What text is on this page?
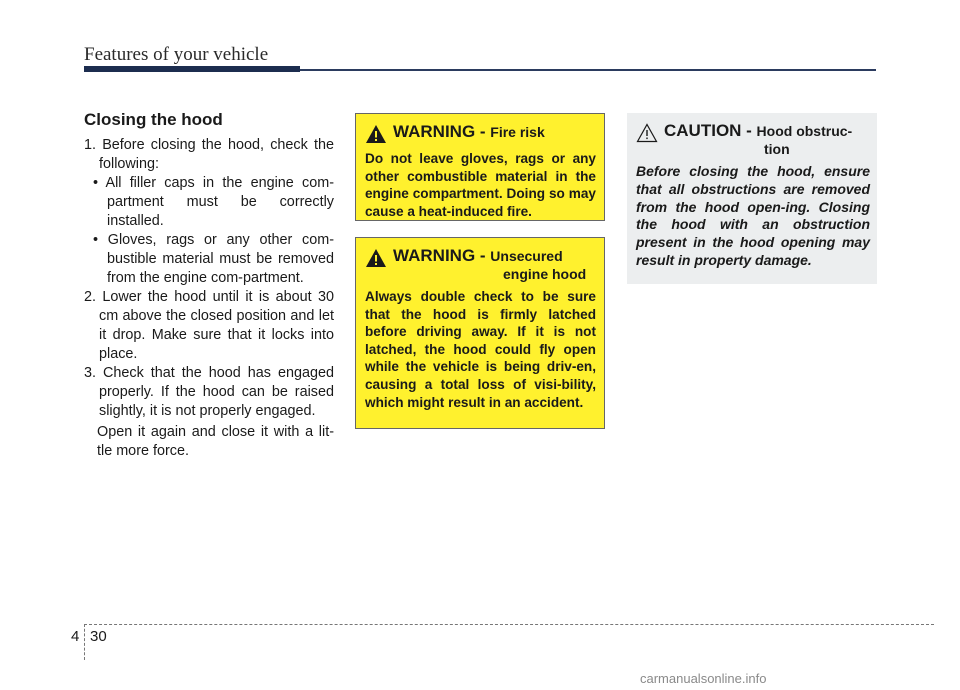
Features of your vehicle
Closing the hood

1. Before closing the hood, check the following:

• All filler caps in the engine com-partment must be correctly installed.

• Gloves, rags or any other com-bustible material must be removed from the engine com-partment.

2. Lower the hood until it is about 30 cm above the closed position and let it drop. Make sure that it locks into place.

3. Check that the hood has engaged properly. If the hood can be raised slightly, it is not properly engaged.

Open it again and close it with a lit-tle more force.

WARNING - Fire risk

Do not leave gloves, rags or any other combustible material in the engine compartment. Doing so may cause a heat-induced fire.

WARNING - Unsecured
engine hood

Always double check to be sure that the hood is firmly latched before driving away. If it is not latched, the hood could fly open while the vehicle is being driv-en, causing a total loss of visi-bility, which might result in an accident.

CAUTION - Hood obstruc-
tion

Before closing the hood, ensure that all obstructions are removed from the hood open-ing. Closing the hood with an obstruction present in the hood opening may result in property damage.

4 30
carmanualsonline.info
